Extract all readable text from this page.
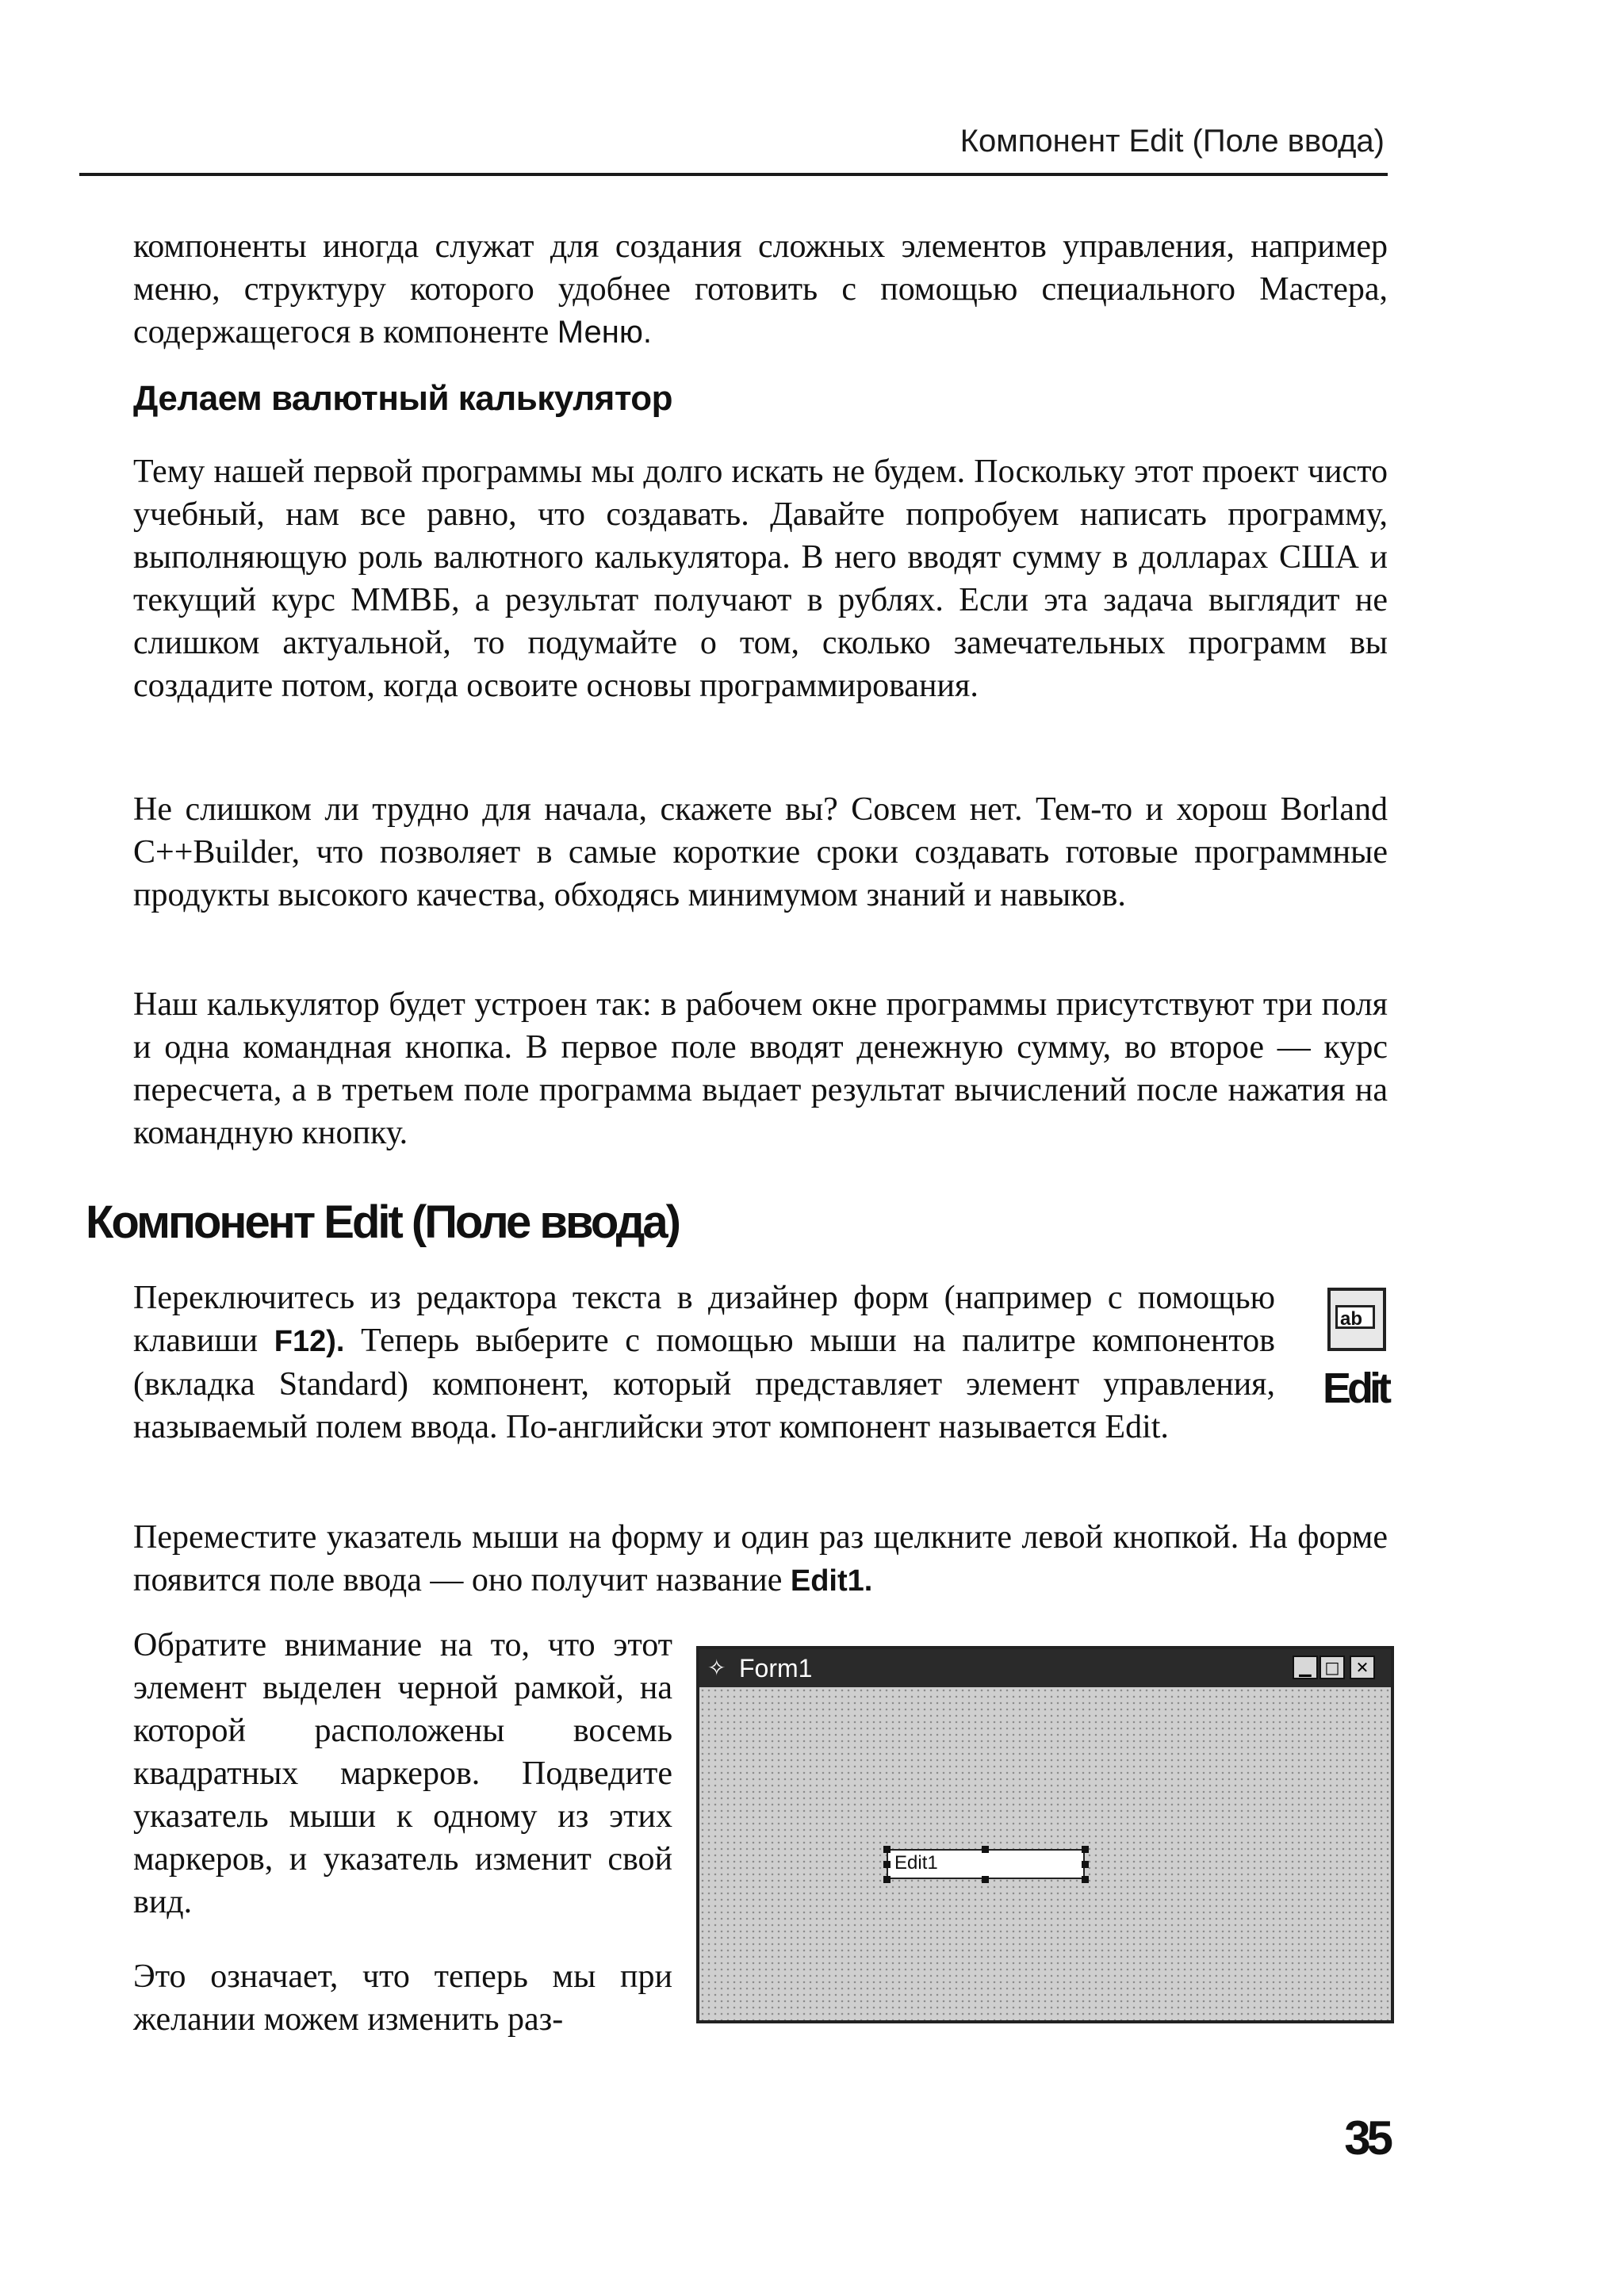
Компонент Edit (Поле ввода)

компоненты иногда служат для создания сложных элементов управления, например меню, структуру которого удобнее готовить с помощью специального Мастера, содержащегося в компоненте Меню.

Делаем валютный калькулятор

Тему нашей первой программы мы долго искать не будем. Поскольку этот проект чисто учебный, нам все равно, что создавать. Давайте попробуем написать программу, выполняющую роль валютного калькулятора. В него вводят сумму в долларах США и текущий курс ММВБ, а результат получают в рублях. Если эта задача выглядит не слишком актуальной, то подумайте о том, сколько замечательных программ вы создадите потом, когда освоите основы программирования.

Не слишком ли трудно для начала, скажете вы? Совсем нет. Тем-то и хорош Borland C++Builder, что позволяет в самые короткие сроки создавать готовые программные продукты высокого качества, обходясь минимумом знаний и навыков.

Наш калькулятор будет устроен так: в рабочем окне программы присутствуют три поля и одна командная кнопка. В первое поле вводят денежную сумму, во второе — курс пересчета, а в третьем поле программа выдает результат вычислений после нажатия на командную кнопку.

Компонент Edit (Поле ввода)

Переключитесь из редактора текста в дизайнер форм (например с помощью клавиши F12). Теперь выберите с помощью мыши на палитре компонентов (вкладка Standard) компонент, который представляет элемент управления, называемый полем ввода. По-английски этот компонент называется Edit.

ab
Edit

Переместите указатель мыши на форму и один раз щелкните левой кнопкой. На форме появится поле ввода — оно получит название Edit1.

Обратите внимание на то, что этот элемент выделен черной рамкой, на которой расположены восемь квадратных маркеров. Подведите указатель мыши к одному из этих маркеров, и указатель изменит свой вид.

Это означает, что теперь мы при желании можем изменить раз-

✧ Form1	▁ □	✕
Edit1
35
